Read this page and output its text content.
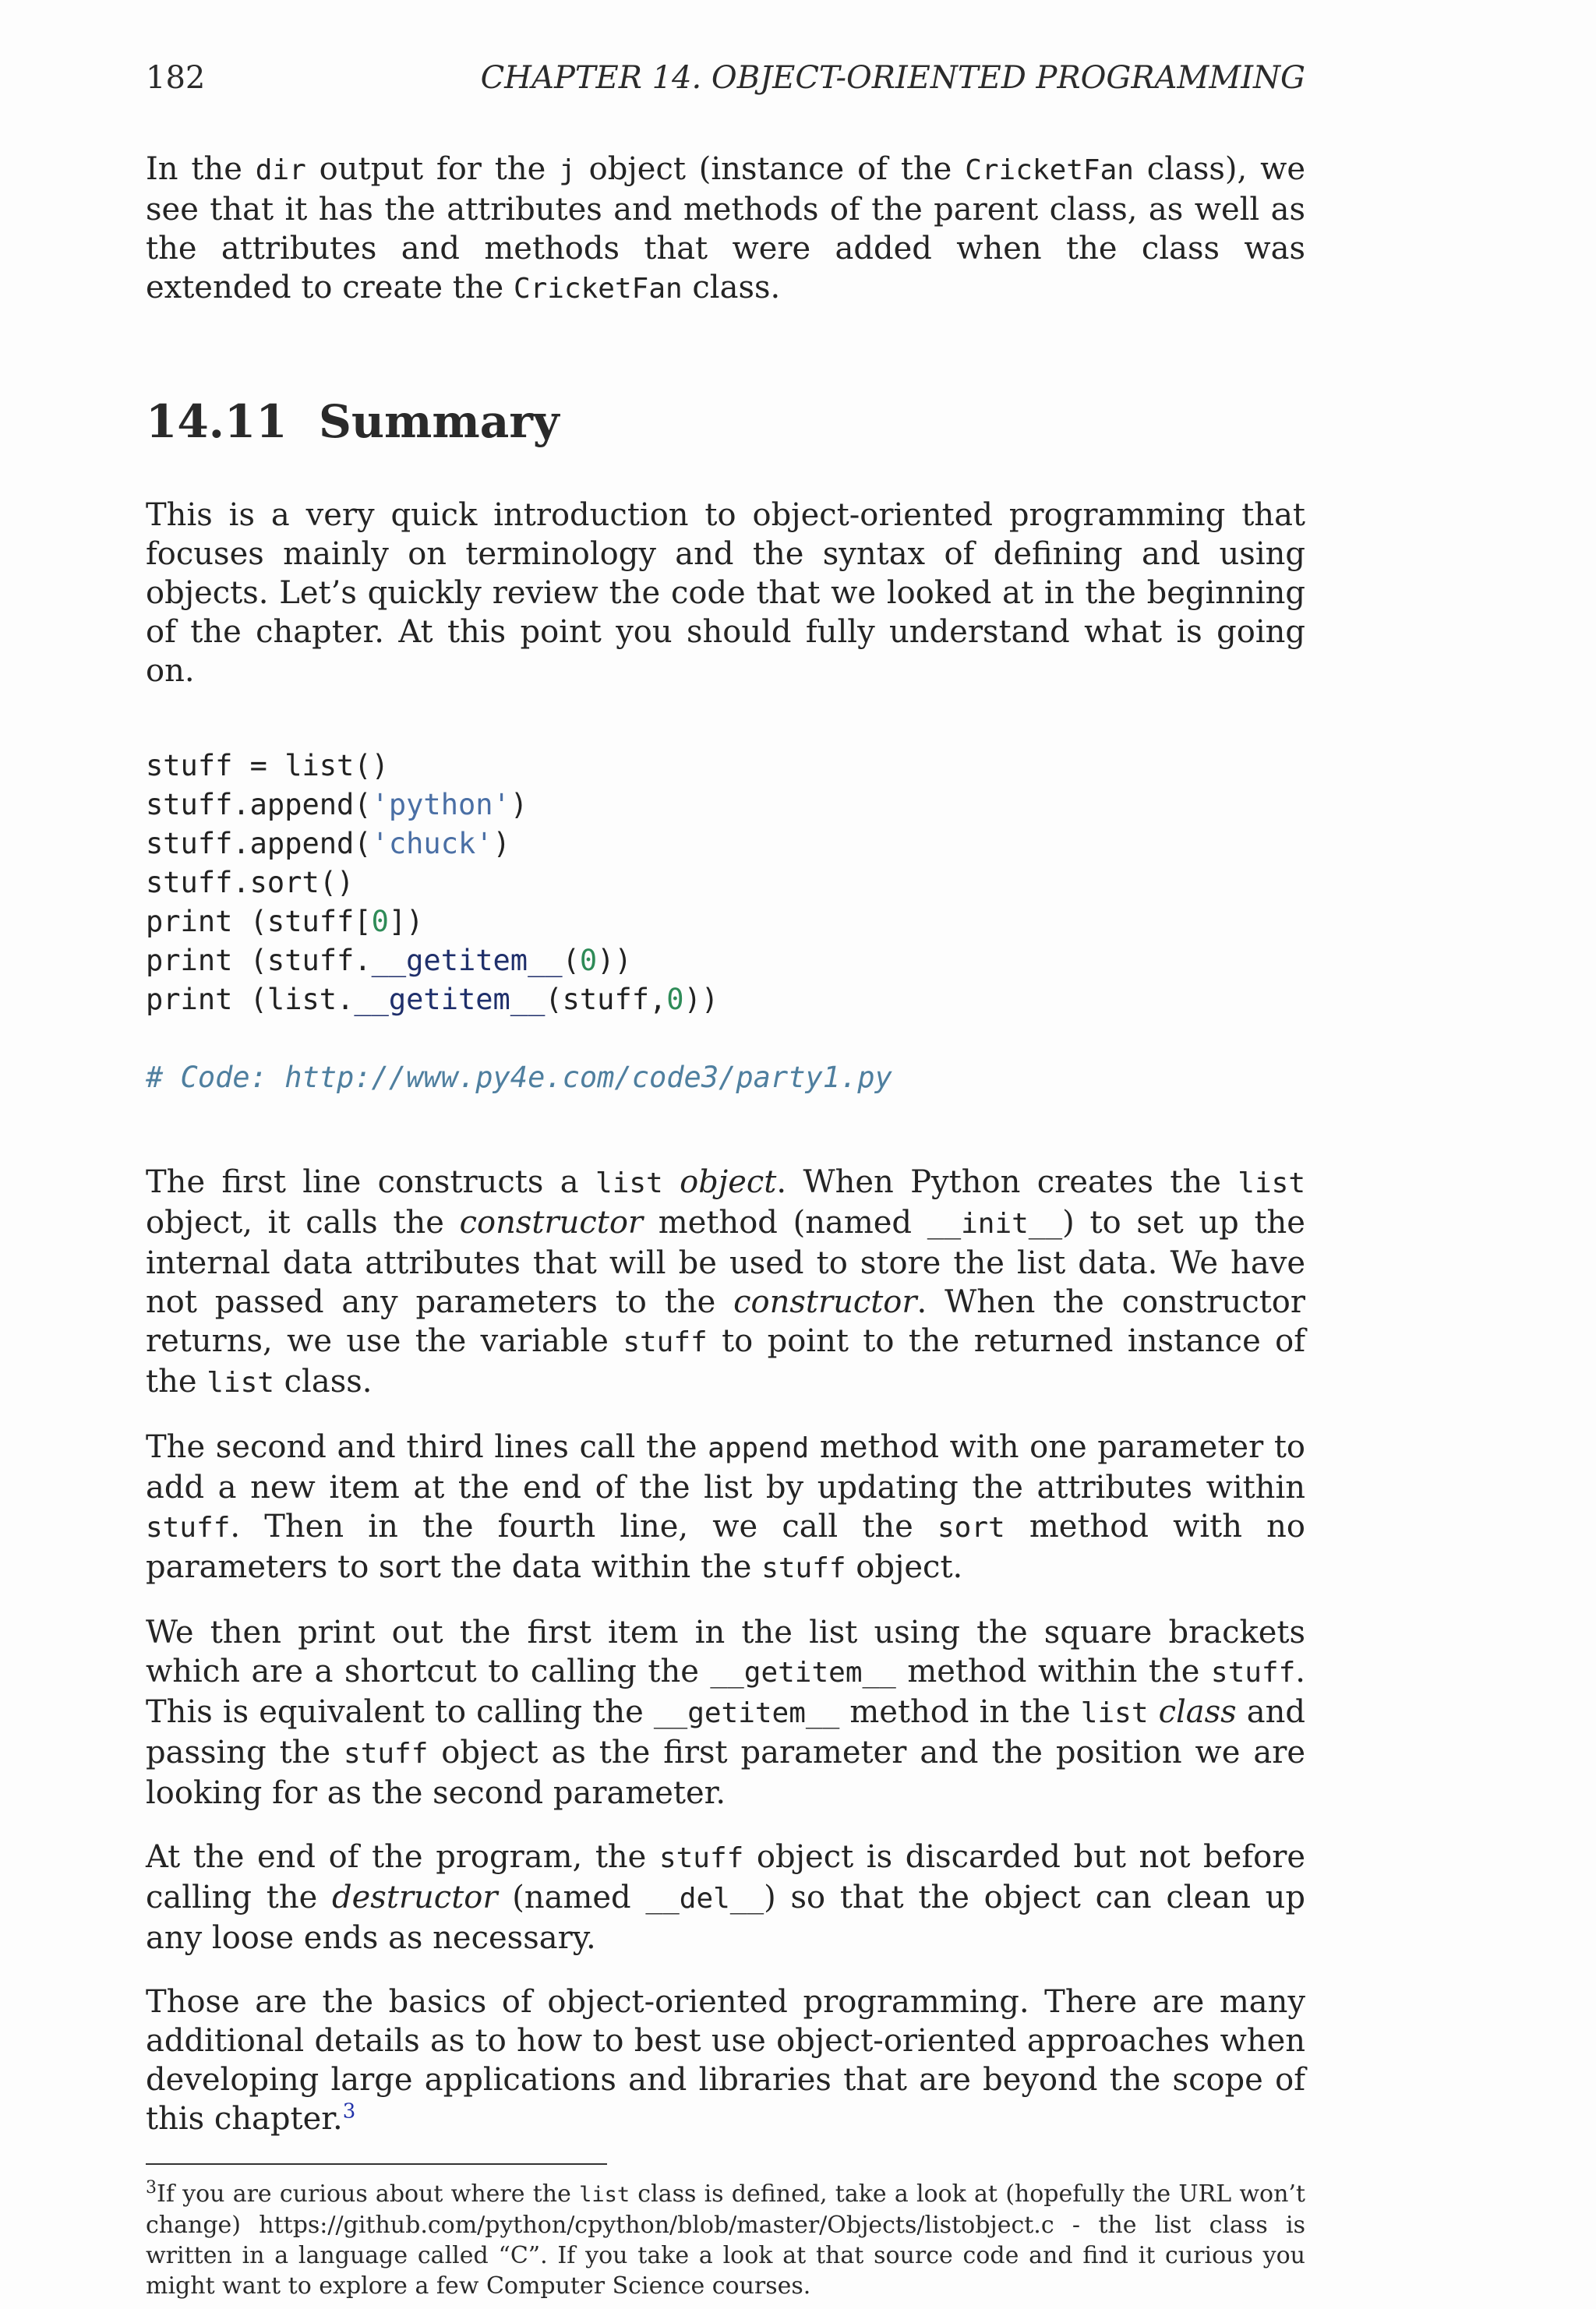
182	CHAPTER 14. OBJECT-ORIENTED PROGRAMMING

In the dir output for the j object (instance of the CricketFan class), we see that it has the attributes and methods of the parent class, as well as the attributes and methods that were added when the class was extended to create the CricketFan class.

14.11 Summary

This is a very quick introduction to object-oriented programming that focuses mainly on terminology and the syntax of defining and using objects. Let’s quickly review the code that we looked at in the beginning of the chapter. At this point you should fully understand what is going on.

stuff = list()
stuff.append('python')
stuff.append('chuck')
stuff.sort()
print (stuff[0])
print (stuff.__getitem__(0))
print (list.__getitem__(stuff,0))
# Code: http://www.py4e.com/code3/party1.py

The first line constructs a list object. When Python creates the list object, it calls the constructor method (named __init__) to set up the internal data attributes that will be used to store the list data. We have not passed any parameters to the constructor. When the constructor returns, we use the variable stuff to point to the returned instance of the list class.

The second and third lines call the append method with one parameter to add a new item at the end of the list by updating the attributes within stuff. Then in the fourth line, we call the sort method with no parameters to sort the data within the stuff object.

We then print out the first item in the list using the square brackets which are a shortcut to calling the __getitem__ method within the stuff. This is equivalent to calling the __getitem__ method in the list class and passing the stuff object as the first parameter and the position we are looking for as the second parameter.

At the end of the program, the stuff object is discarded but not before calling the destructor (named __del__) so that the object can clean up any loose ends as necessary.

Those are the basics of object-oriented programming. There are many additional details as to how to best use object-oriented approaches when developing large applications and libraries that are beyond the scope of this chapter.$^3$

$^3$If you are curious about where the list class is defined, take a look at (hopefully the URL won’t change) https://github.com/python/cpython/blob/master/Objects/listobject.c - the list class is written in a language called “C”. If you take a look at that source code and find it curious you might want to explore a few Computer Science courses.
